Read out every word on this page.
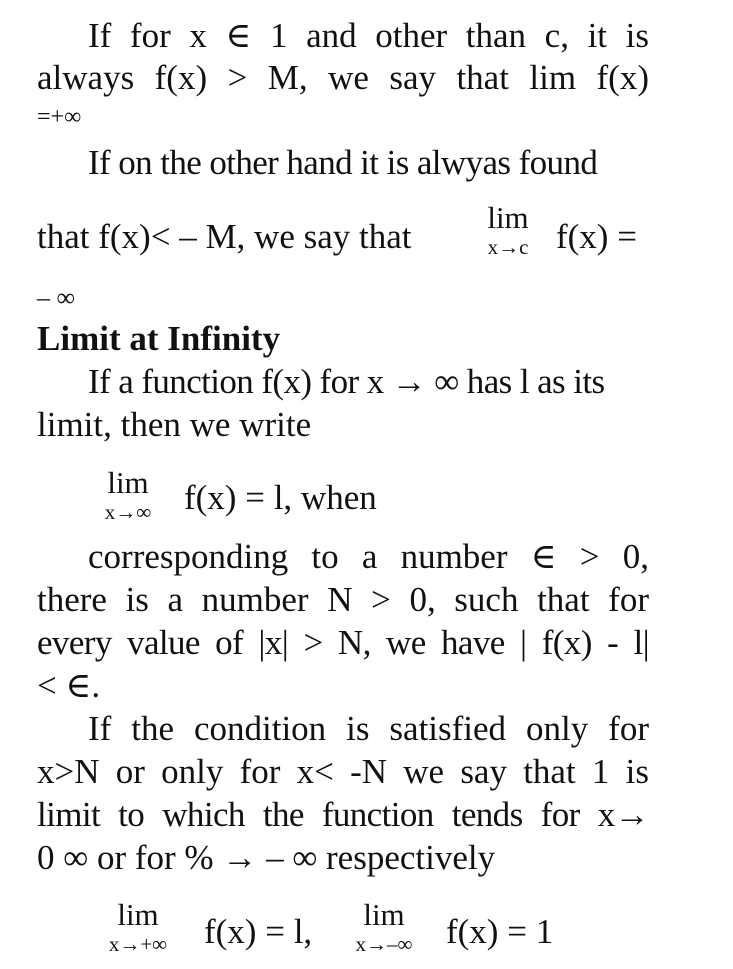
If for x ∈ 1 and other than c, it is
always f(x) > M, we say that lim f(x)
=+∞
If on the other hand it is alwyas found
that f(x)< – M, we say that	lim
x→c f(x) =
– ∞
Limit at Infinity
If a function f(x) for x → ∞ has l as its
limit, then we write
lim
x→∞ f(x) = l, when
corresponding to a number ∈ > 0,
there is a number N > 0, such that for
every value of |x| > N, we have | f(x) - l|
< ∈.
If the condition is satisfied only for
x>N or only for x< -N we say that 1 is
limit to which the function tends for x→
0 ∞ or for % → – ∞ respectively
lim
x→+∞	f(x) = l,	lim
x→–∞ f(x) = 1
